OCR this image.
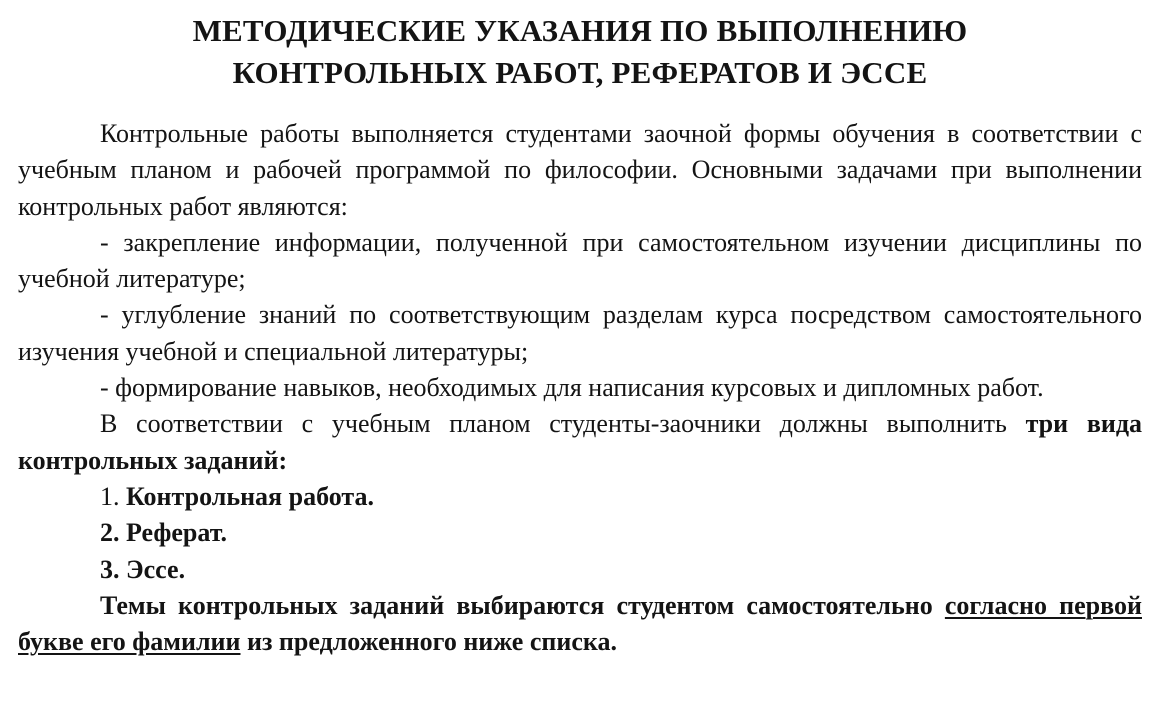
МЕТОДИЧЕСКИЕ УКАЗАНИЯ ПО ВЫПОЛНЕНИЮ
КОНТРОЛЬНЫХ РАБОТ, РЕФЕРАТОВ И ЭССЕ

Контрольные работы выполняется студентами заочной формы обучения в соответствии с учебным планом и рабочей программой по философии. Основными задачами при выполнении контрольных работ являются:

- закрепление информации, полученной при самостоятельном изучении дисциплины по учебной литературе;

- углубление знаний по соответствующим разделам курса посредством самостоятельного изучения учебной и специальной литературы;

- формирование навыков, необходимых для написания курсовых и дипломных работ.

В соответствии с учебным планом студенты-заочники должны выполнить три вида контрольных заданий:

1. Контрольная работа.
2. Реферат.
3. Эссе.

Темы контрольных заданий выбираются студентом самостоятельно согласно первой букве его фамилии из предложенного ниже списка.
